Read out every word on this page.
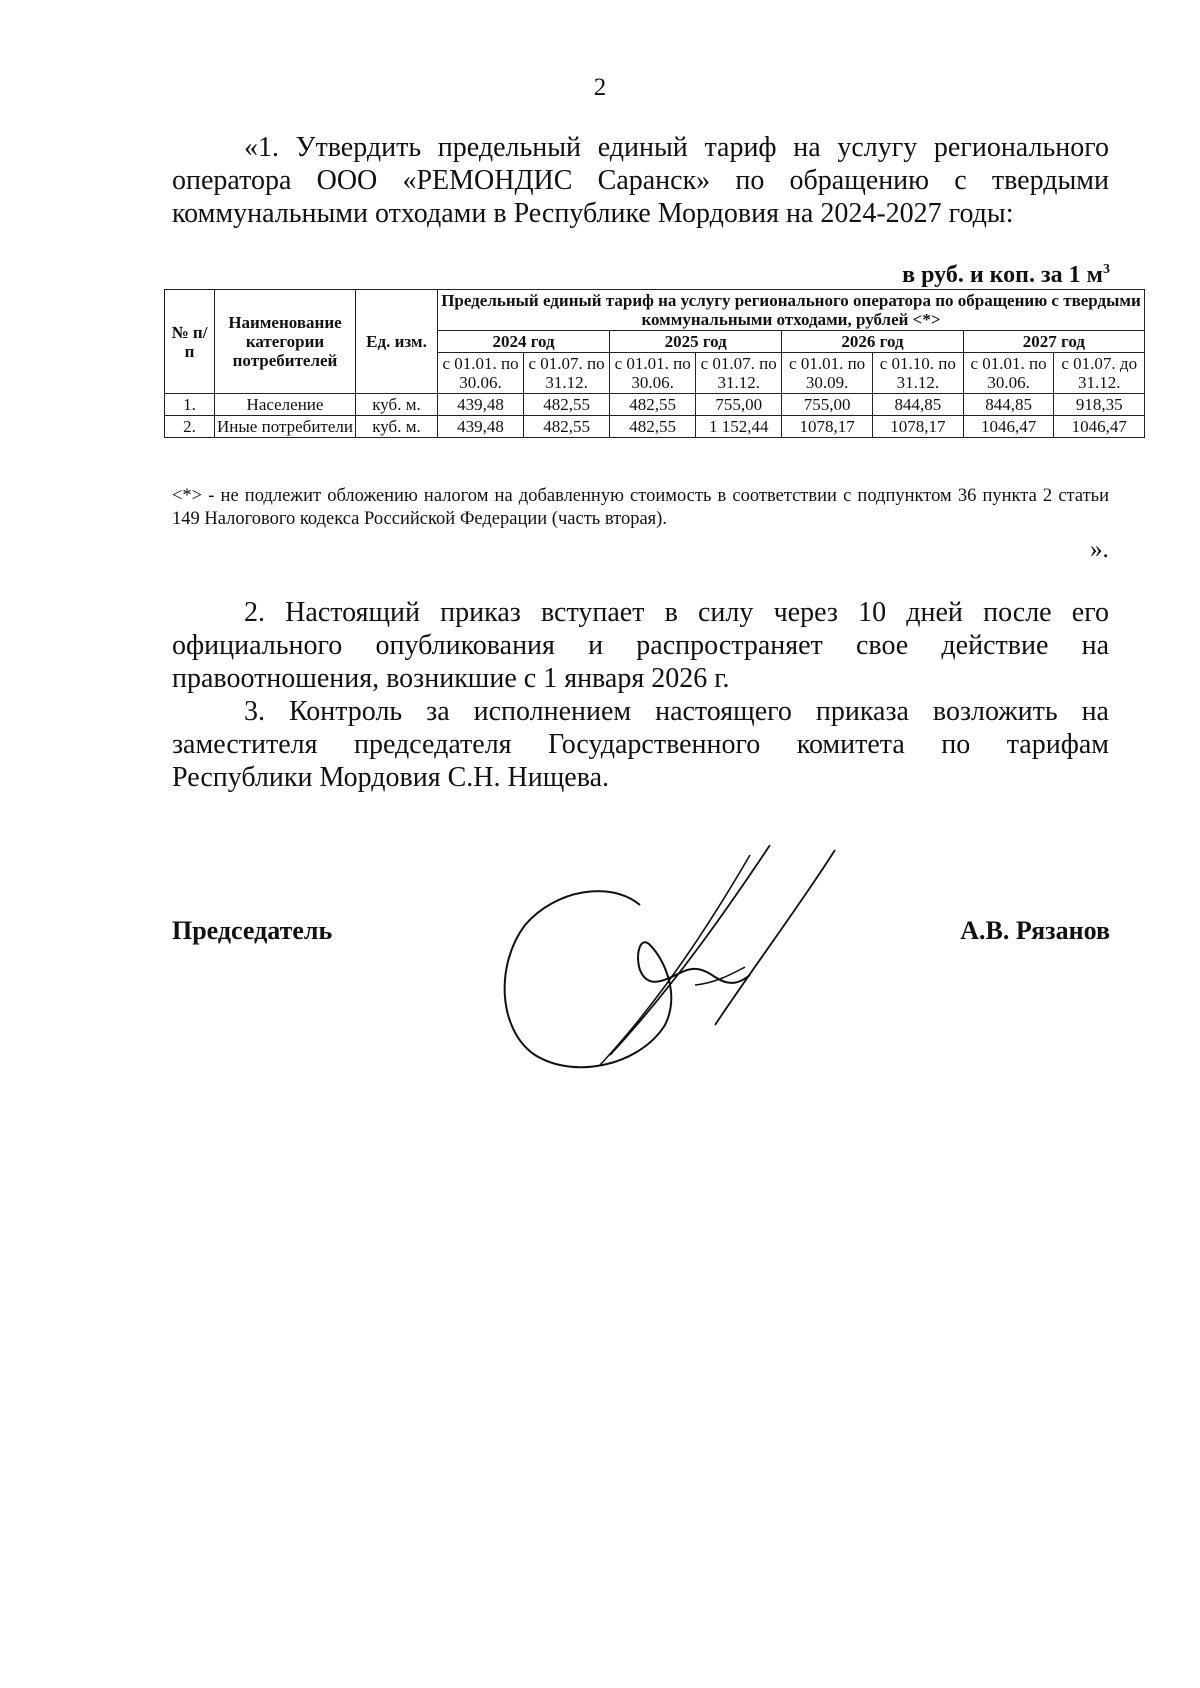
2
«1. Утвердить предельный единый тариф на услугу регионального оператора ООО «РЕМОНДИС Саранск» по обращению с твердыми коммунальными отходами в Республике Мордовия на 2024-2027 годы:
в руб. и коп. за 1 $м^3$
№ п/п	Наименование категории потребителей	Ед. изм.	Предельный единый тариф на услугу регионального оператора по обращению с твердыми коммунальными отходами, рублей <*>							
			2024 год		2025 год		2026 год		2027 год	
			с 01.01. по 30.06.	с 01.07. по 31.12.	с 01.01. по 30.06.	с 01.07. по 31.12.	с 01.01. по 30.09.	с 01.10. по 31.12.	с 01.01. по 30.06.	с 01.07. до 31.12.
1.	Население	куб. м.	439,48	482,55	482,55	755,00	755,00	844,85	844,85	918,35
2.	Иные потребители	куб. м.	439,48	482,55	482,55	1 152,44	1078,17	1078,17	1046,47	1046,47
<*> - не подлежит обложению налогом на добавленную стоимость в соответствии с подпунктом 36 пункта 2 статьи 149 Налогового кодекса Российской Федерации (часть вторая).
».
2. Настоящий приказ вступает в силу через 10 дней после его официального опубликования и распространяет свое действие на правоотношения, возникшие с 1 января 2026 г.
3. Контроль за исполнением настоящего приказа возложить на заместителя председателя Государственного комитета по тарифам Республики Мордовия С.Н. Нищева.
Председатель	А.В. Рязанов
